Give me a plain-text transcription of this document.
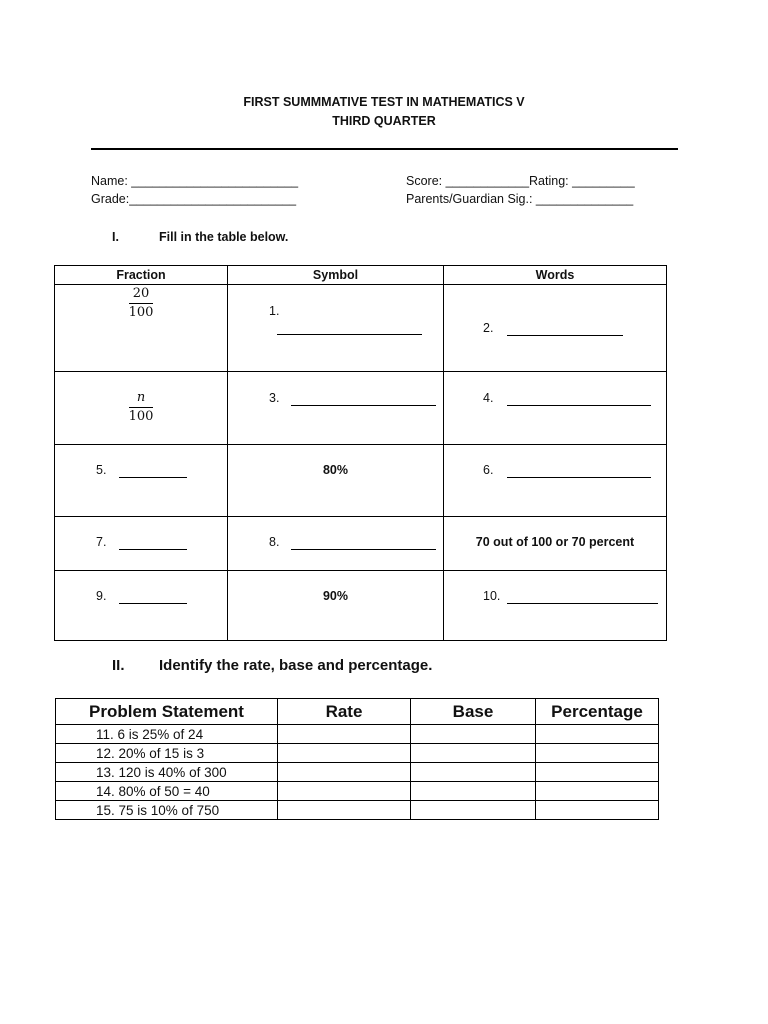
FIRST SUMMMATIVE TEST IN MATHEMATICS V
THIRD QUARTER
Name: ________________________
Grade:________________________
Score: ____________Rating: _________
Parents/Guardian Sig.: ______________
I.	Fill in the table below.
Fraction	Symbol	Words

20
100	1.	2.

n
100	3.	4.

5.	80%	6.

7.	8.	70 out of 100 or 70 percent

9.	90%	10.
II. Identify the rate, base and percentage.
Problem Statement	Rate	Base	Percentage
11. 6 is 25% of 24			
12. 20% of 15 is 3			
13. 120 is 40% of 300			
14. 80% of 50 = 40			
15. 75 is 10% of 750			
